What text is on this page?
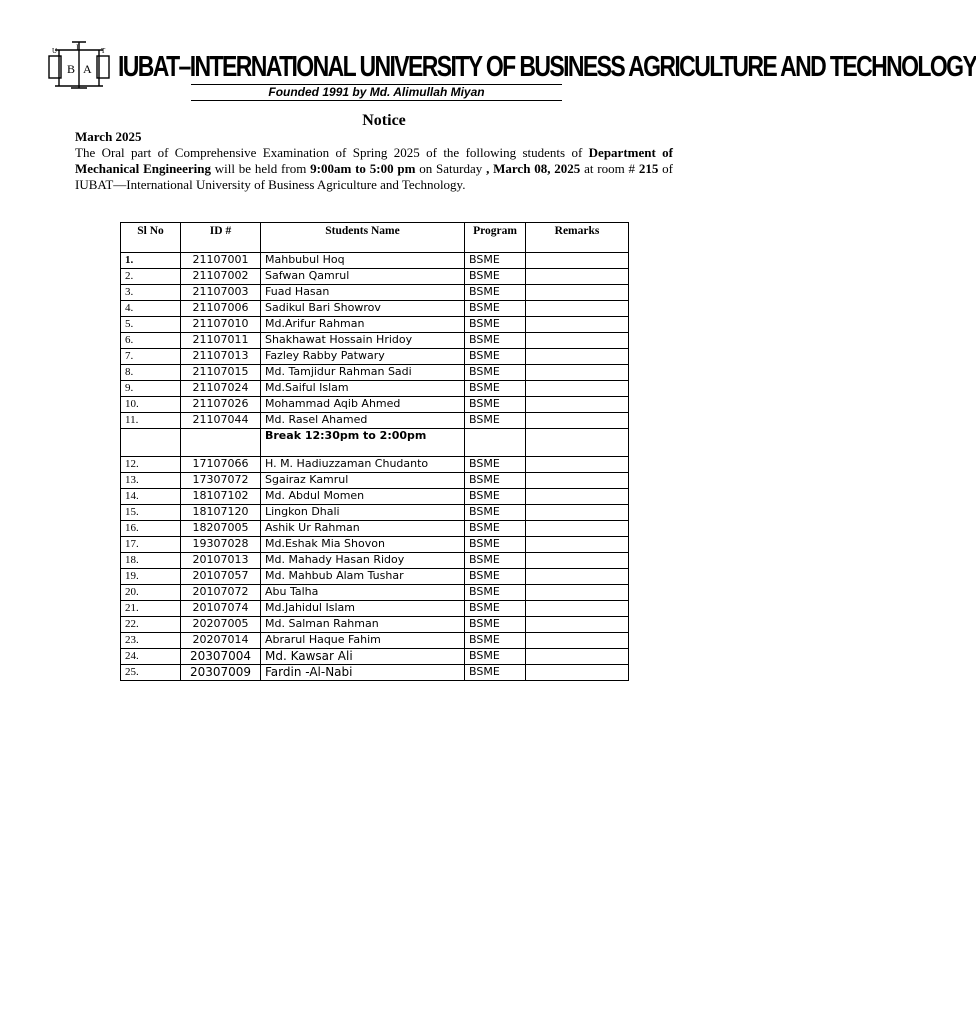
I
U
B A
T IUBAT–INTERNATIONAL UNIVERSITY OF BUSINESS AGRICULTURE AND TECHNOLOGY
Founded 1991 by Md. Alimullah Miyan
Notice
March 2025
The Oral part of Comprehensive Examination of Spring 2025 of the following students of Department of Mechanical Engineering will be held from 9:00am to 5:00 pm on Saturday , March 08, 2025 at room # 215 of IUBAT—International University of Business Agriculture and Technology.
Sl No	ID #	Students Name	Program	Remarks
1.	21107001	Mahbubul Hoq	BSME	
2.	21107002	Safwan Qamrul	BSME	
3.	21107003	Fuad Hasan	BSME	
4.	21107006	Sadikul Bari Showrov	BSME	
5.	21107010	Md.Arifur Rahman	BSME	
6.	21107011	Shakhawat Hossain Hridoy	BSME	
7.	21107013	Fazley Rabby Patwary	BSME	
8.	21107015	Md. Tamjidur Rahman Sadi	BSME	
9.	21107024	Md.Saiful Islam	BSME	
10.	21107026	Mohammad Aqib Ahmed	BSME	
11.	21107044	Md. Rasel Ahamed	BSME	
		Break 12:30pm to 2:00pm		
12.	17107066	H. M. Hadiuzzaman Chudanto	BSME	
13.	17307072	Sgairaz Kamrul	BSME	
14.	18107102	Md. Abdul Momen	BSME	
15.	18107120	Lingkon Dhali	BSME	
16.	18207005	Ashik Ur Rahman	BSME	
17.	19307028	Md.Eshak Mia Shovon	BSME	
18.	20107013	Md. Mahady Hasan Ridoy	BSME	
19.	20107057	Md. Mahbub Alam Tushar	BSME	
20.	20107072	Abu Talha	BSME	
21.	20107074	Md.Jahidul Islam	BSME	
22.	20207005	Md. Salman Rahman	BSME	
23.	20207014	Abrarul Haque Fahim	BSME	
24.	20307004	Md. Kawsar Ali	BSME	
25.	20307009	Fardin -Al-Nabi	BSME	
